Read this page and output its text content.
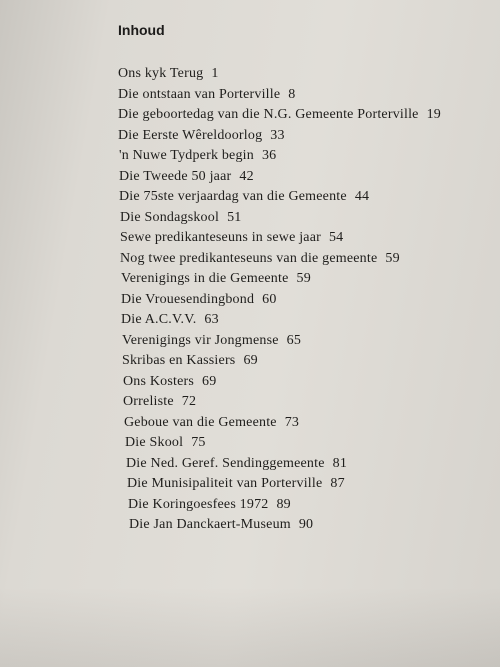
Inhoud
Ons kyk Terug 1
Die ontstaan van Porterville 8
Die geboortedag van die N.G. Gemeente Porterville 19
Die Eerste Wêreldoorlog 33
'n Nuwe Tydperk begin 36
Die Tweede 50 jaar 42
Die 75ste verjaardag van die Gemeente 44
Die Sondagskool 51
Sewe predikanteseuns in sewe jaar 54
Nog twee predikanteseuns van die gemeente 59
Verenigings in die Gemeente 59
Die Vrouesendingbond 60
Die A.C.V.V. 63
Verenigings vir Jongmense 65
Skribas en Kassiers 69
Ons Kosters 69
Orreliste 72
Geboue van die Gemeente 73
Die Skool 75
Die Ned. Geref. Sendinggemeente 81
Die Munisipaliteit van Porterville 87
Die Koringoesfees 1972 89
Die Jan Danckaert-Museum 90
